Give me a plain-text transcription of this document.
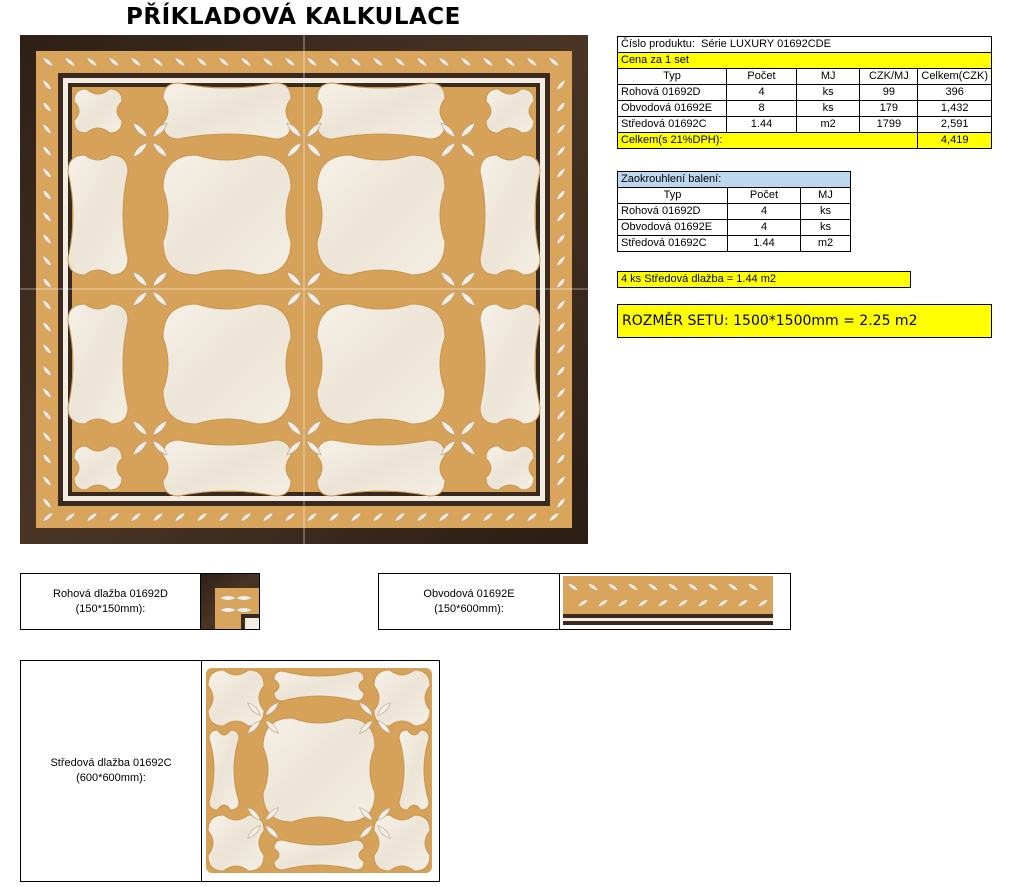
PŘÍKLADOVÁ KALKULACE
Číslo produktu: Série LUXURY 01692CDE				
Cena za 1 set				
Typ	Počet	MJ	CZK/MJ	Celkem(CZK)
Rohová 01692D	4	ks	99	396
Obvodová 01692E	8	ks	179	1,432
Středová 01692C	1.44	m2	1799	2,591
Celkem(s 21%DPH):				4,419
Zaokrouhlení balení:		
Typ	Počet	MJ
Rohová 01692D	4	ks
Obvodová 01692E	4	ks
Středová 01692C	1.44	m2
4 ks Středová dlažba = 1.44 m2
ROZMĚR SETU: 1500*1500mm = 2.25 m2
Rohová dlažba 01692D
(150*150mm):
Obvodová 01692E
(150*600mm):
Středová dlažba 01692C
(600*600mm):
